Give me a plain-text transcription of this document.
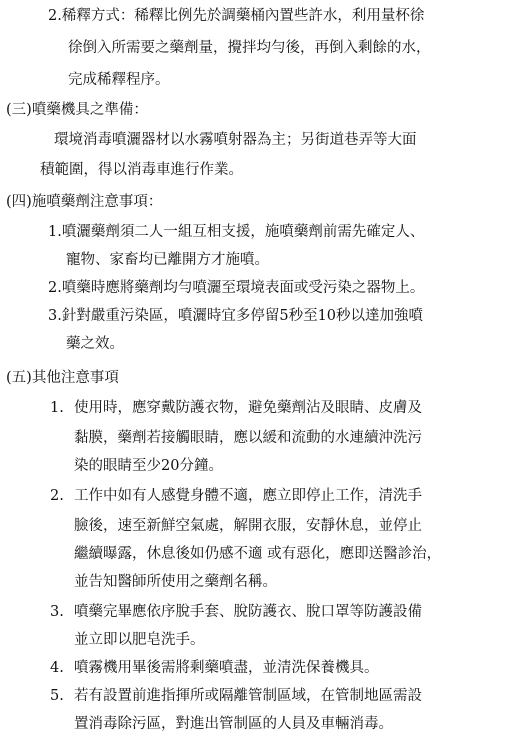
2.稀釋方式：稀釋比例先於調藥桶內置些許水，利用量杯徐
徐倒入所需要之藥劑量，攪拌均勻後，再倒入剩餘的水，
完成稀釋程序。
(三)噴藥機具之準備：
環境消毒噴灑器材以水霧噴射器為主；另街道巷弄等大面
積範圍，得以消毒車進行作業。
(四)施噴藥劑注意事項：
1.噴灑藥劑須二人一組互相支援，施噴藥劑前需先確定人、
寵物、家畜均已離開方才施噴。
2.噴藥時應將藥劑均勻噴灑至環境表面或受污染之器物上。
3.針對嚴重污染區，噴灑時宜多停留5秒至10秒以達加強噴
藥之效。
(五)其他注意事項
1. 使用時，應穿戴防護衣物，避免藥劑沾及眼睛、皮膚及
黏膜，藥劑若接觸眼睛，應以緩和流動的水連續沖洗污
染的眼睛至少20分鐘。
2. 工作中如有人感覺身體不適，應立即停止工作，清洗手
臉後，速至新鮮空氣處，解開衣服，安靜休息，並停止
繼續曝露，休息後如仍感不適 或有惡化，應即送醫診治，
並告知醫師所使用之藥劑名稱。
3. 噴藥完畢應依序脫手套、脫防護衣、脫口罩等防護設備
並立即以肥皂洗手。
4. 噴霧機用畢後需將剩藥噴盡，並清洗保養機具。
5. 若有設置前進指揮所或隔離管制區域，在管制地區需設
置消毒除污區，對進出管制區的人員及車輛消毒。
